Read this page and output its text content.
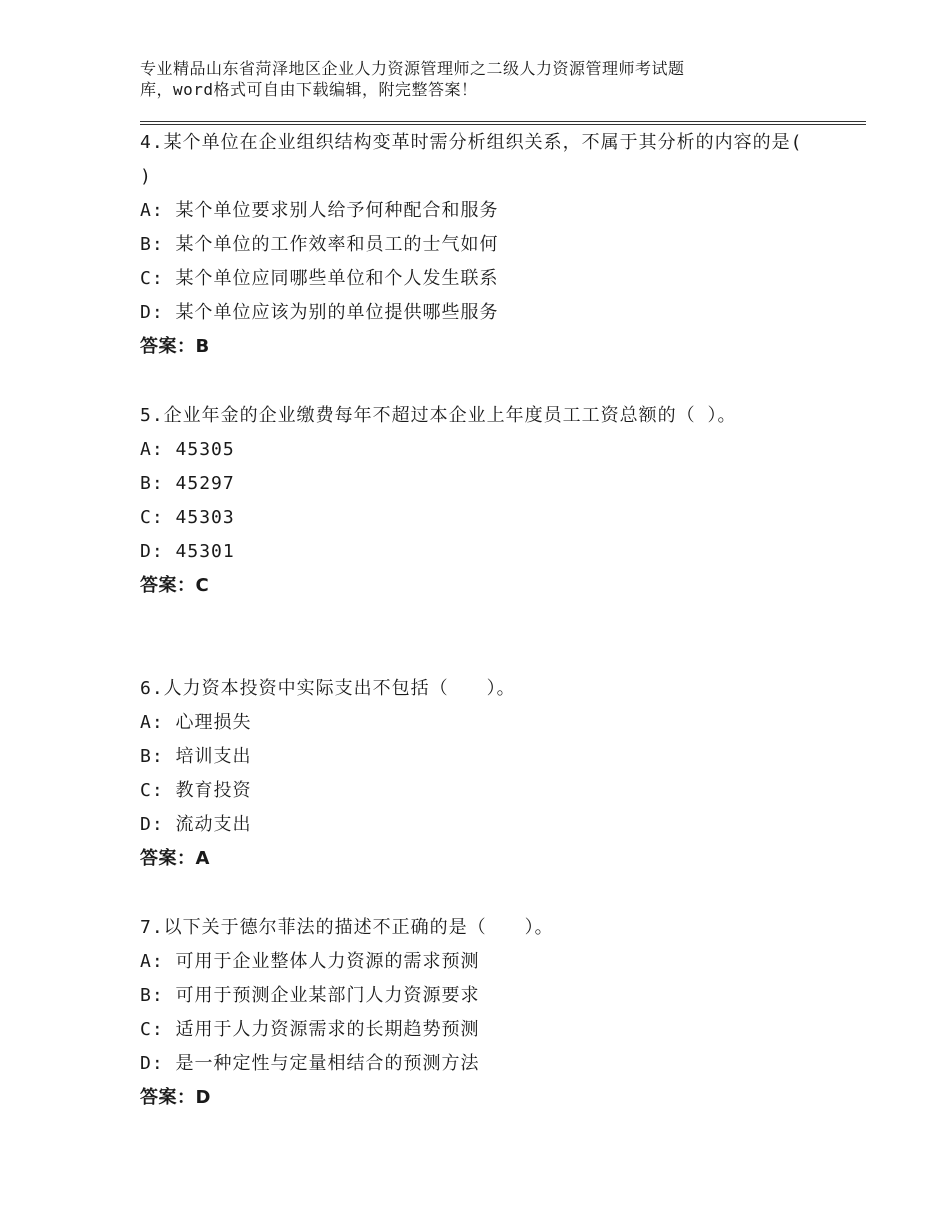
专业精品山东省菏泽地区企业人力资源管理师之二级人力资源管理师考试题
库，word格式可自由下载编辑，附完整答案！

4.某个单位在企业组织结构变革时需分析组织关系，不属于其分析的内容的是( )

A: 某个单位要求别人给予何种配合和服务

B: 某个单位的工作效率和员工的士气如何

C: 某个单位应同哪些单位和个人发生联系

D: 某个单位应该为别的单位提供哪些服务

答案：B

5.企业年金的企业缴费每年不超过本企业上年度员工工资总额的（ ）。

A: 45305

B: 45297

C: 45303

D: 45301

答案：C

6.人力资本投资中实际支出不包括（　　）。

A: 心理损失

B: 培训支出

C: 教育投资

D: 流动支出

答案：A

7.以下关于德尔菲法的描述不正确的是（　　）。

A: 可用于企业整体人力资源的需求预测

B: 可用于预测企业某部门人力资源要求

C: 适用于人力资源需求的长期趋势预测

D: 是一种定性与定量相结合的预测方法

答案：D
